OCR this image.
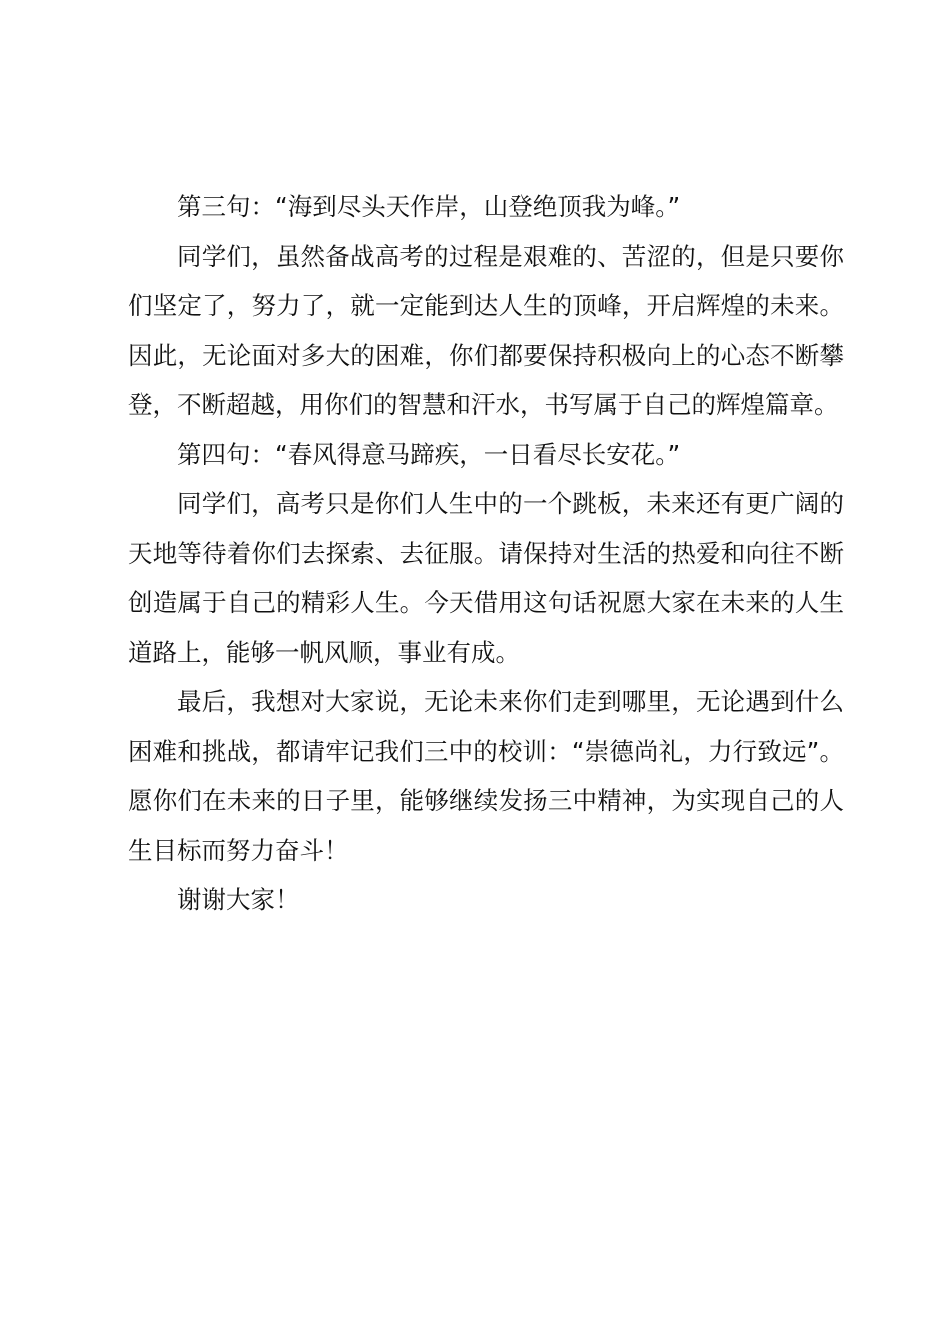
第三句：“海到尽头天作岸，山登绝顶我为峰。”

同学们，虽然备战高考的过程是艰难的、苦涩的，但是只要你们坚定了，努力了，就一定能到达人生的顶峰，开启辉煌的未来。因此，无论面对多大的困难，你们都要保持积极向上的心态不断攀登，不断超越，用你们的智慧和汗水，书写属于自己的辉煌篇章。

第四句：“春风得意马蹄疾，一日看尽长安花。”

同学们，高考只是你们人生中的一个跳板，未来还有更广阔的天地等待着你们去探索、去征服。请保持对生活的热爱和向往不断创造属于自己的精彩人生。今天借用这句话祝愿大家在未来的人生道路上，能够一帆风顺，事业有成。

最后，我想对大家说，无论未来你们走到哪里，无论遇到什么困难和挑战，都请牢记我们三中的校训：“崇德尚礼，力行致远”。愿你们在未来的日子里，能够继续发扬三中精神，为实现自己的人生目标而努力奋斗！

谢谢大家！
